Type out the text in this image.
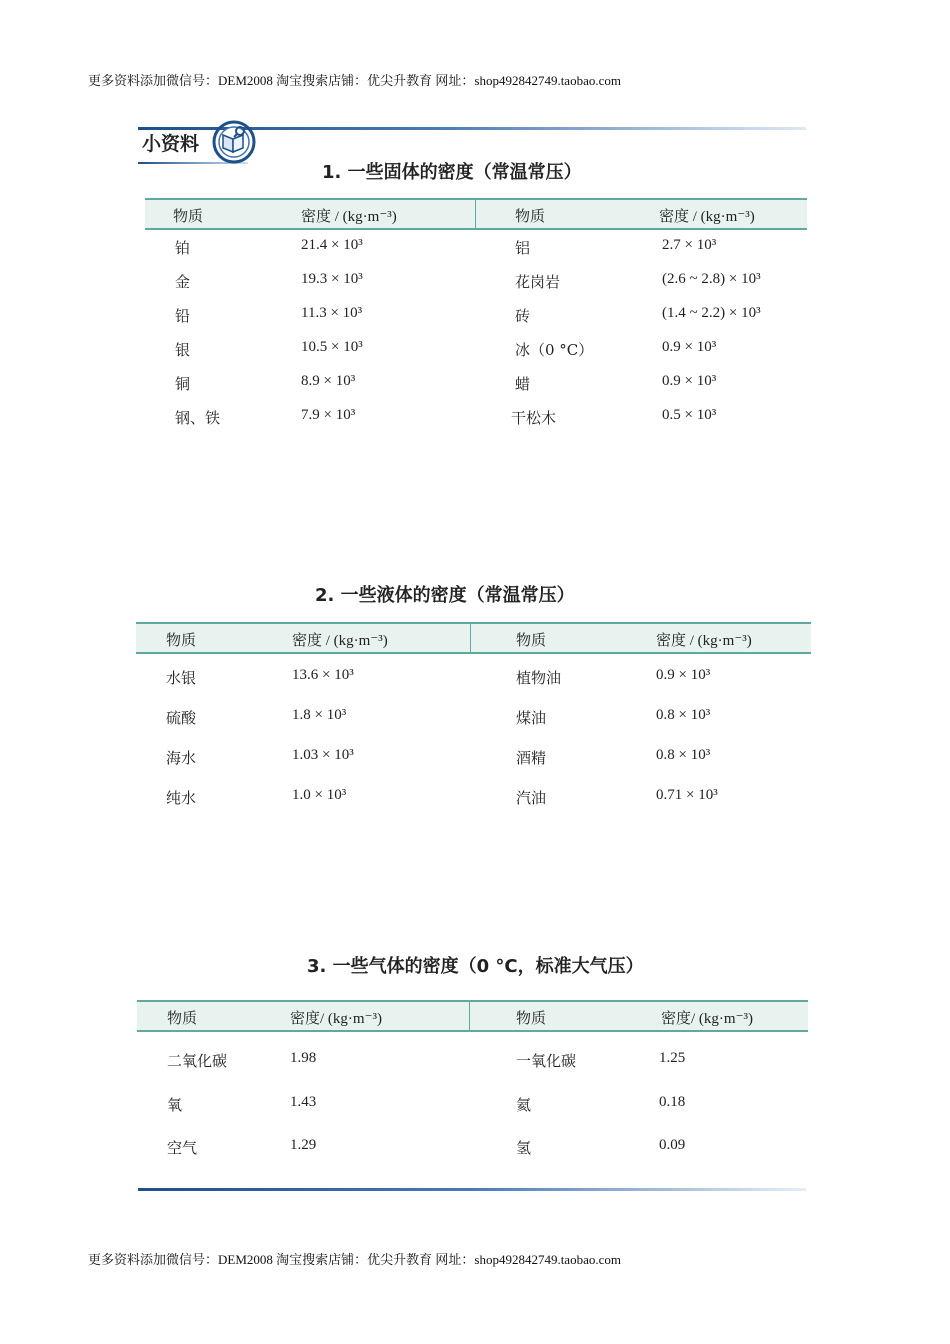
更多资料添加微信号：DEM2008 淘宝搜索店铺：优尖升教育 网址：shop492842749.taobao.com
小资料
1. 一些固体的密度（常温常压）
物质	密度 / (kg·m⁻³)	物质	密度 / (kg·m⁻³)
铂	21.4 × 10³	铝	2.7 × 10³
金	19.3 × 10³	花岗岩	(2.6 ~ 2.8) × 10³
铅	11.3 × 10³	砖	(1.4 ~ 2.2) × 10³
银	10.5 × 10³	冰（0 °C）	0.9 × 10³
铜	8.9 × 10³	蜡	0.9 × 10³
钢、铁	7.9 × 10³	干松木	0.5 × 10³
2. 一些液体的密度（常温常压）
物质	密度 / (kg·m⁻³)	物质	密度 / (kg·m⁻³)
水银	13.6 × 10³	植物油	0.9 × 10³
硫酸	1.8 × 10³	煤油	0.8 × 10³
海水	1.03 × 10³	酒精	0.8 × 10³
纯水	1.0 × 10³	汽油	0.71 × 10³
3. 一些气体的密度（0 °C，标准大气压）
物质	密度/ (kg·m⁻³)	物质	密度/ (kg·m⁻³)
二氧化碳	1.98	一氧化碳	1.25
氧	1.43	氦	0.18
空气	1.29	氢	0.09
更多资料添加微信号：DEM2008 淘宝搜索店铺：优尖升教育 网址：shop492842749.taobao.com
